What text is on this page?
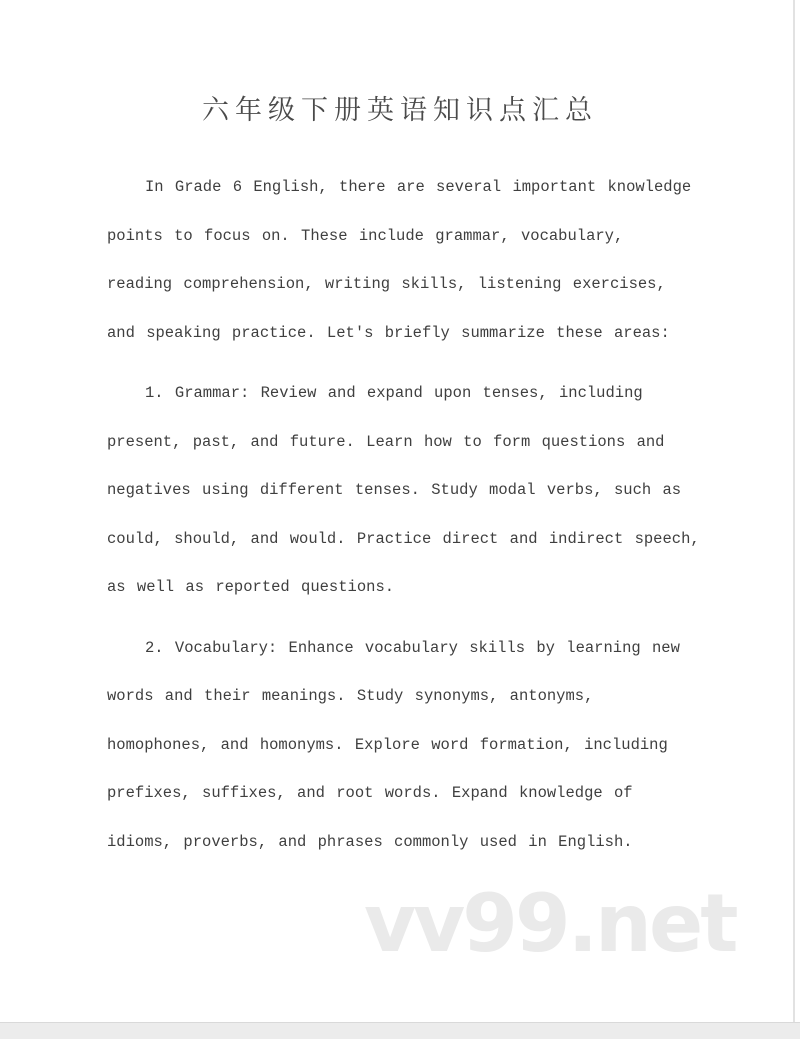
六年级下册英语知识点汇总
In Grade 6 English, there are several important knowledge
points to focus on. These include grammar, vocabulary,
reading comprehension, writing skills, listening exercises,
and speaking practice. Let's briefly summarize these areas:
1. Grammar: Review and expand upon tenses, including
present, past, and future. Learn how to form questions and
negatives using different tenses. Study modal verbs, such as
could, should, and would. Practice direct and indirect speech,
as well as reported questions.
2. Vocabulary: Enhance vocabulary skills by learning new
words and their meanings. Study synonyms, antonyms,
homophones, and homonyms. Explore word formation, including
prefixes, suffixes, and root words. Expand knowledge of
idioms, proverbs, and phrases commonly used in English.
vv99.net
